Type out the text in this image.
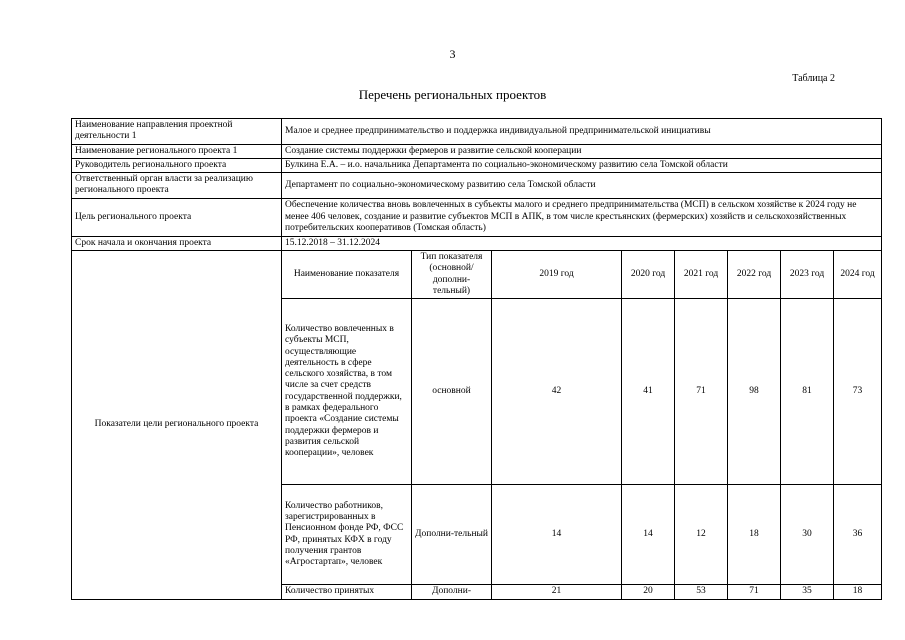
3
Таблица 2
Перечень региональных проектов
Наименование направления проектной деятельности 1	Малое и среднее предпринимательство и поддержка индивидуальной предпринимательской инициативы							
Наименование регионального проекта 1	Создание системы поддержки фермеров и развитие сельской кооперации							
Руководитель регионального проекта	Булкина Е.А. – и.о. начальника Департамента по социально-экономическому развитию села Томской области							
Ответственный орган власти за реализацию регионального проекта	Департамент по социально-экономическому развитию села Томской области							
Цель регионального проекта	Обеспечение количества вновь вовлеченных в субъекты малого и среднего предпринимательства (МСП) в сельском хозяйстве к 2024 году не менее 406 человек, создание и развитие субъектов МСП в АПК, в том числе крестьянских (фермерских) хозяйств и сельскохозяйственных потребительских кооперативов (Томская область)							
Срок начала и окончания проекта	15.12.2018 – 31.12.2024							
Показатели цели регионального проекта	Наименование показателя	Тип показателя (основной/ дополни-тельный)	2019 год	2020 год	2021 год	2022 год	2023 год	2024 год
	Количество вовлеченных в субъекты МСП, осуществляющие деятельность в сфере сельского хозяйства, в том числе за счет средств государственной поддержки, в рамках федерального проекта «Создание системы поддержки фермеров и развития сельской кооперации», человек	основной	42	41	71	98	81	73
	Количество работников, зарегистрированных в Пенсионном фонде РФ, ФСС РФ, принятых КФХ в году получения грантов «Агростартап», человек	Дополни-тельный	14	14	12	18	30	36
	Количество принятых	Дополни-	21	20	53	71	35	18
